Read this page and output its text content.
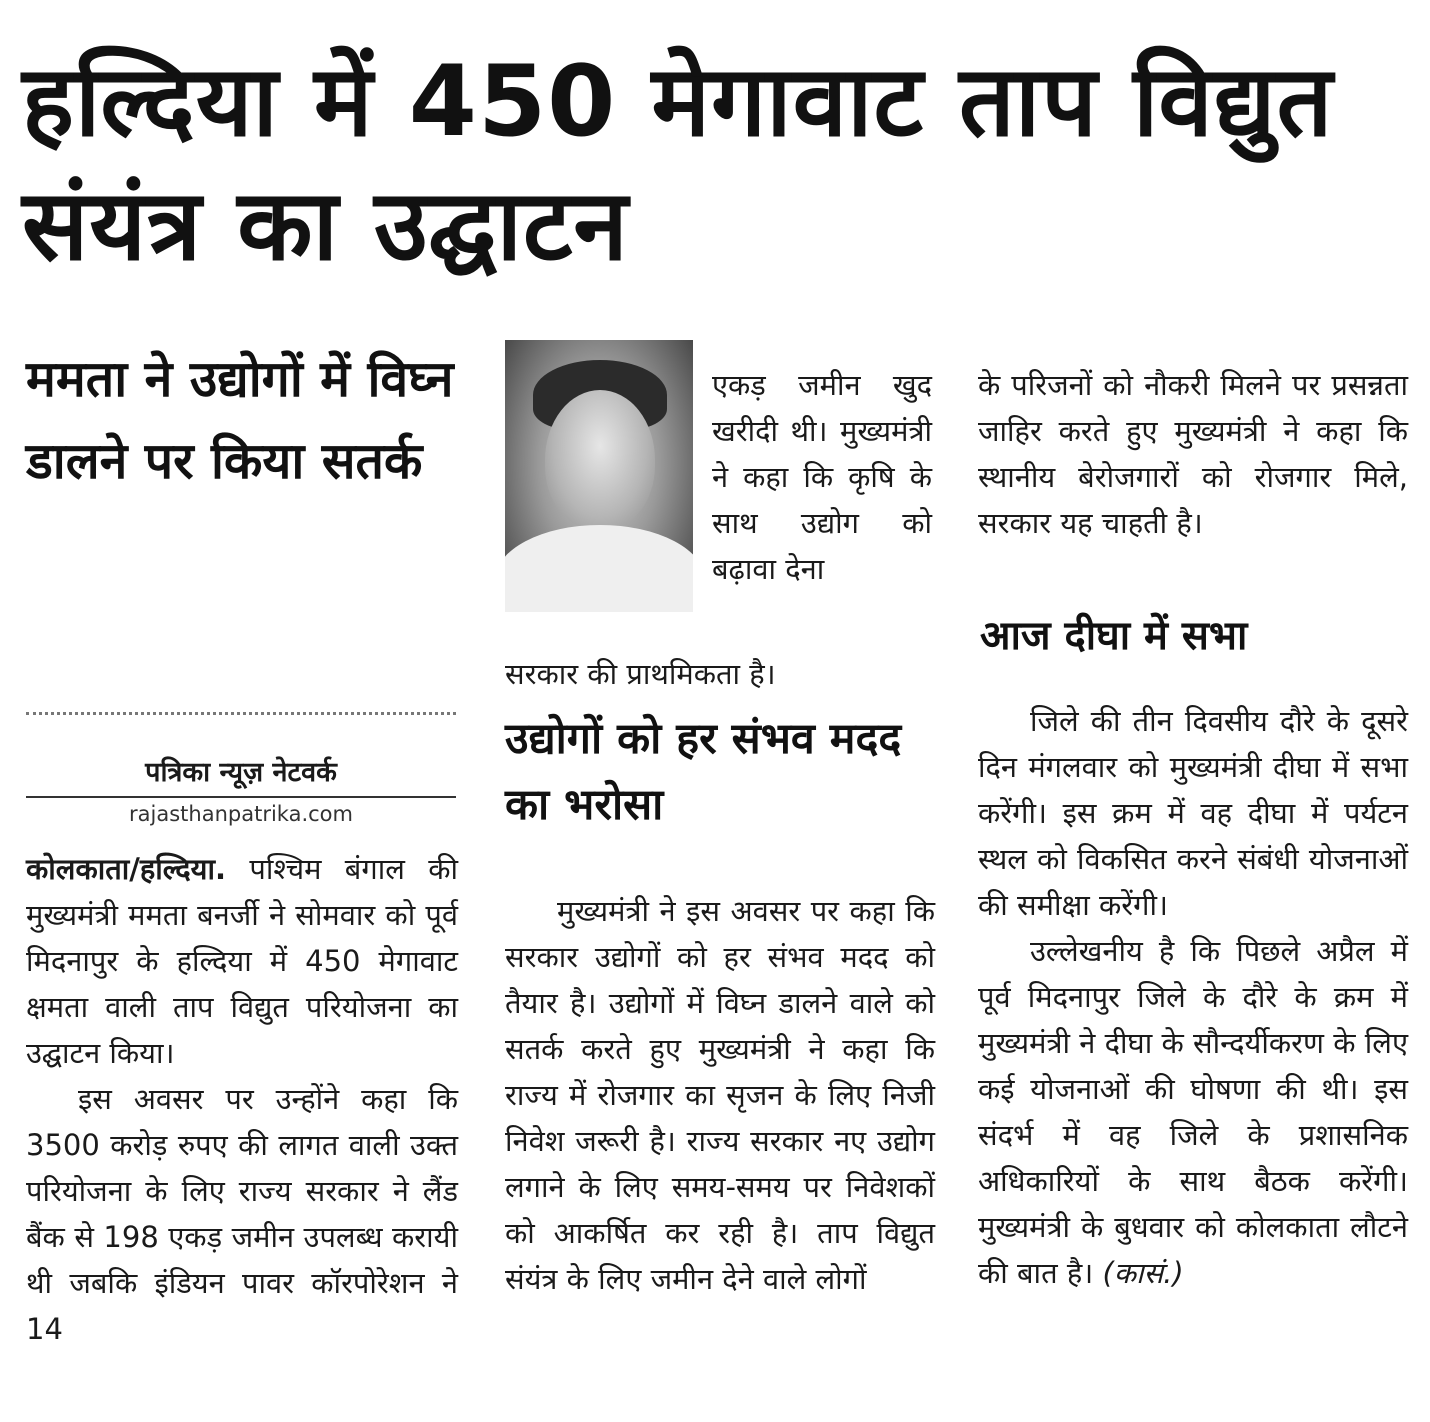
हल्दिया में 450 मेगावाट ताप विद्युत संयंत्र का उद्घाटन
ममता ने उद्योगों में विघ्न डालने पर किया सतर्क
पत्रिका न्यूज़ नेटवर्क
rajasthanpatrika.com

कोलकाता/हल्दिया. पश्चिम बंगाल की मुख्यमंत्री ममता बनर्जी ने सोमवार को पूर्व मिदनापुर के हल्दिया में 450 मेगावाट क्षमता वाली ताप विद्युत परियोजना का उद्घाटन किया।

इस अवसर पर उन्होंने कहा कि 3500 करोड़ रुपए की लागत वाली उक्त परियोजना के लिए राज्य सरकार ने लैंड बैंक से 198 एकड़ जमीन उपलब्ध करायी थी जबकि इंडियन पावर कॉरपोरेशन ने 14

एकड़ जमीन खुद खरीदी थी। मुख्यमंत्री ने कहा कि कृषि के साथ उद्योग को बढ़ावा देना

सरकार की प्राथमिकता है।

उद्योगों को हर संभव मदद का भरोसा

मुख्यमंत्री ने इस अवसर पर कहा कि सरकार उद्योगों को हर संभव मदद को तैयार है। उद्योगों में विघ्न डालने वाले को सतर्क करते हुए मुख्यमंत्री ने कहा कि राज्य में रोजगार का सृजन के लिए निजी निवेश जरूरी है। राज्य सरकार नए उद्योग लगाने के लिए समय-समय पर निवेशकों को आकर्षित कर रही है। ताप विद्युत संयंत्र के लिए जमीन देने वाले लोगों

के परिजनों को नौकरी मिलने पर प्रसन्नता जाहिर करते हुए मुख्यमंत्री ने कहा कि स्थानीय बेरोजगारों को रोजगार मिले, सरकार यह चाहती है।

आज दीघा में सभा

जिले की तीन दिवसीय दौरे के दूसरे दिन मंगलवार को मुख्यमंत्री दीघा में सभा करेंगी। इस क्रम में वह दीघा में पर्यटन स्थल को विकसित करने संबंधी योजनाओं की समीक्षा करेंगी।

उल्लेखनीय है कि पिछले अप्रैल में पूर्व मिदनापुर जिले के दौरे के क्रम में मुख्यमंत्री ने दीघा के सौन्दर्यीकरण के लिए कई योजनाओं की घोषणा की थी। इस संदर्भ में वह जिले के प्रशासनिक अधिकारियों के साथ बैठक करेंगी। मुख्यमंत्री के बुधवार को कोलकाता लौटने की बात है। (कासं.)
